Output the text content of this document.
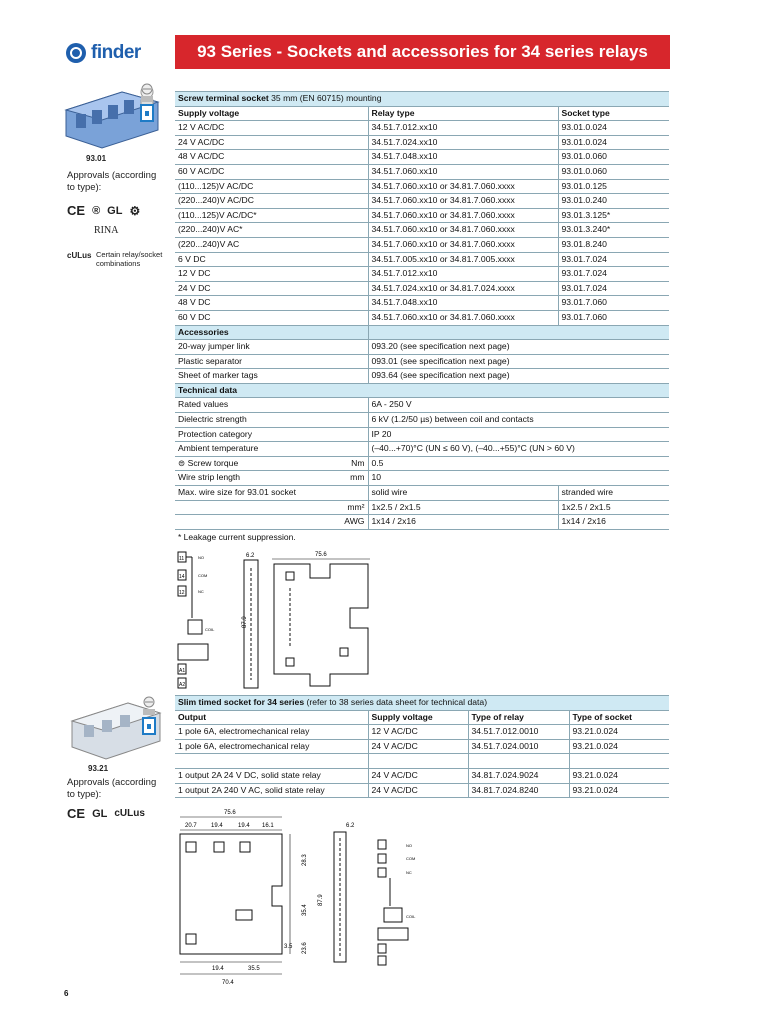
finder	93 Series - Sockets and accessories for 34 series relays
93.01
Approvals (according to type):
CE ® GL ⚙
RINA
cULus Certain relay/socket combinations
Screw terminal socket 35 mm (EN 60715) mounting		
Supply voltage	Relay type	Socket type
12 V AC/DC	34.51.7.012.xx10	93.01.0.024
24 V AC/DC	34.51.7.024.xx10	93.01.0.024
48 V AC/DC	34.51.7.048.xx10	93.01.0.060
60 V AC/DC	34.51.7.060.xx10	93.01.0.060
(110...125)V AC/DC	34.51.7.060.xx10 or 34.81.7.060.xxxx	93.01.0.125
(220...240)V AC/DC	34.51.7.060.xx10 or 34.81.7.060.xxxx	93.01.0.240
(110...125)V AC/DC*	34.51.7.060.xx10 or 34.81.7.060.xxxx	93.01.3.125*
(220...240)V AC*	34.51.7.060.xx10 or 34.81.7.060.xxxx	93.01.3.240*
(220...240)V AC	34.51.7.060.xx10 or 34.81.7.060.xxxx	93.01.8.240
6 V DC	34.51.7.005.xx10 or 34.81.7.005.xxxx	93.01.7.024
12 V DC	34.51.7.012.xx10	93.01.7.024
24 V DC	34.51.7.024.xx10 or 34.81.7.024.xxxx	93.01.7.024
48 V DC	34.51.7.048.xx10	93.01.7.060
60 V DC	34.51.7.060.xx10 or 34.81.7.060.xxxx	93.01.7.060
Accessories		
20-way jumper link	093.20 (see specification next page)	
Plastic separator	093.01 (see specification next page)	
Sheet of marker tags	093.64 (see specification next page)	
Technical data		
Rated values	6A - 250 V	
Dielectric strength	6 kV (1.2/50 µs) between coil and contacts	
Protection category	IP 20	
Ambient temperature	(–40...+70)°C (UN ≤ 60 V), (–40...+55)°C (UN > 60 V)	
⊜ Screw torque Nm	0.5	
Wire strip length mm	10	
Max. wire size for 93.01 socket	solid wire	stranded wire
mm²	1x2.5 / 2x1.5	1x2.5 / 2x1.5
AWG	1x14 / 2x16	1x14 / 2x16
* Leakage current suppression.
11	NO
14	COM
12	NC
COIL
A1
A2
6.2
87.9
75.6
93.21
Approvals (according to type):
CE GL cULus
Slim timed socket for 34 series (refer to 38 series data sheet for technical data)			
Output	Supply voltage	Type of relay	Type of socket
1 pole 6A, electromechanical relay	12 V AC/DC	34.51.7.012.0010	93.21.0.024
1 pole 6A, electromechanical relay	24 V AC/DC	34.51.7.024.0010	93.21.0.024

1 output 2A 24 V DC, solid state relay	24 V AC/DC	34.81.7.024.9024	93.21.0.024
1 output 2A 240 V AC, solid state relay	24 V AC/DC	34.81.7.024.8240	93.21.0.024
75.6
20.7 19.4	19.4 16.1
28.3
35.4
23.6
3.5
87.9
19.4	35.5
70.4
6.2
NO
COM
NC
COIL
6
